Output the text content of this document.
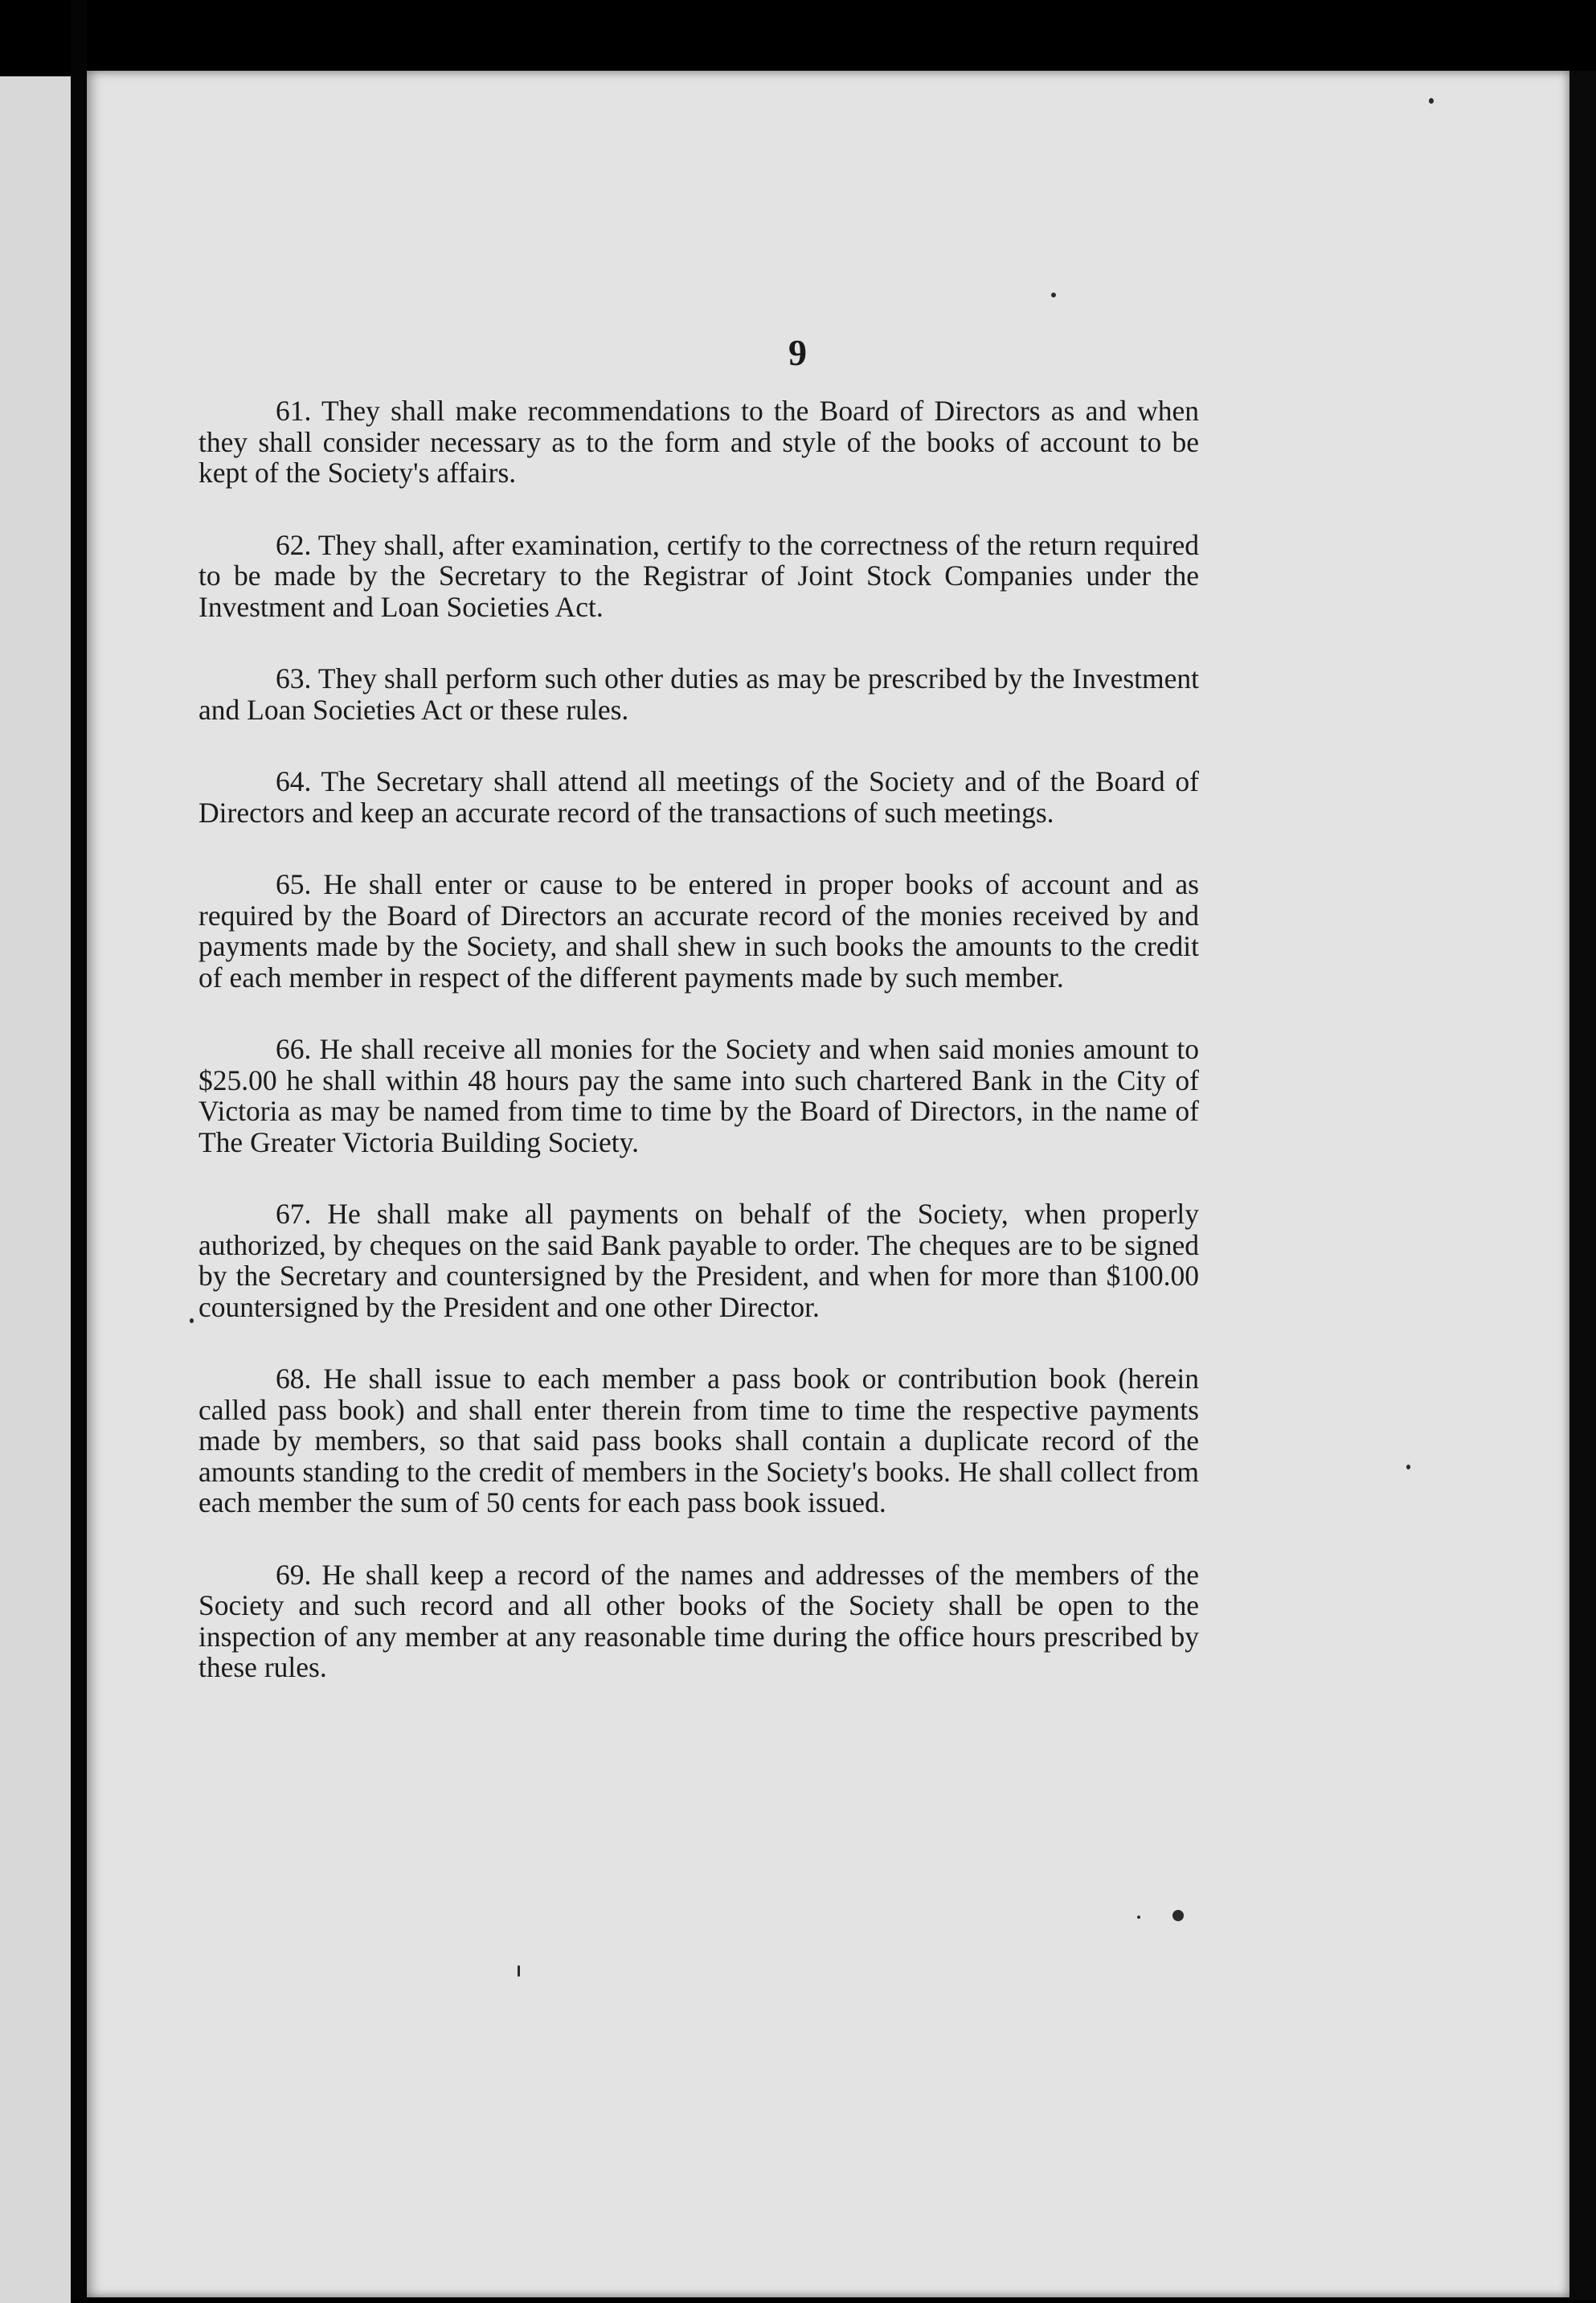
9

61. They shall make recommendations to the Board of Directors as and when they shall consider necessary as to the form and style of the books of account to be kept of the Society's affairs.

62. They shall, after examination, certify to the correctness of the return required to be made by the Secretary to the Registrar of Joint Stock Companies under the Investment and Loan Societies Act.

63. They shall perform such other duties as may be prescribed by the Investment and Loan Societies Act or these rules.

64. The Secretary shall attend all meetings of the Society and of the Board of Directors and keep an accurate record of the transactions of such meetings.

65. He shall enter or cause to be entered in proper books of account and as required by the Board of Directors an accurate record of the monies received by and payments made by the Society, and shall shew in such books the amounts to the credit of each member in respect of the different payments made by such member.

66. He shall receive all monies for the Society and when said monies amount to $25.00 he shall within 48 hours pay the same into such chartered Bank in the City of Victoria as may be named from time to time by the Board of Directors, in the name of The Greater Victoria Building Society.

67. He shall make all payments on behalf of the Society, when properly authorized, by cheques on the said Bank payable to order. The cheques are to be signed by the Secretary and countersigned by the President, and when for more than $100.00 countersigned by the President and one other Director.

68. He shall issue to each member a pass book or contribution book (herein called pass book) and shall enter therein from time to time the respective payments made by members, so that said pass books shall contain a duplicate record of the amounts standing to the credit of members in the Society's books. He shall collect from each member the sum of 50 cents for each pass book issued.

69. He shall keep a record of the names and addresses of the members of the Society and such record and all other books of the Society shall be open to the inspection of any member at any reasonable time during the office hours prescribed by these rules.
